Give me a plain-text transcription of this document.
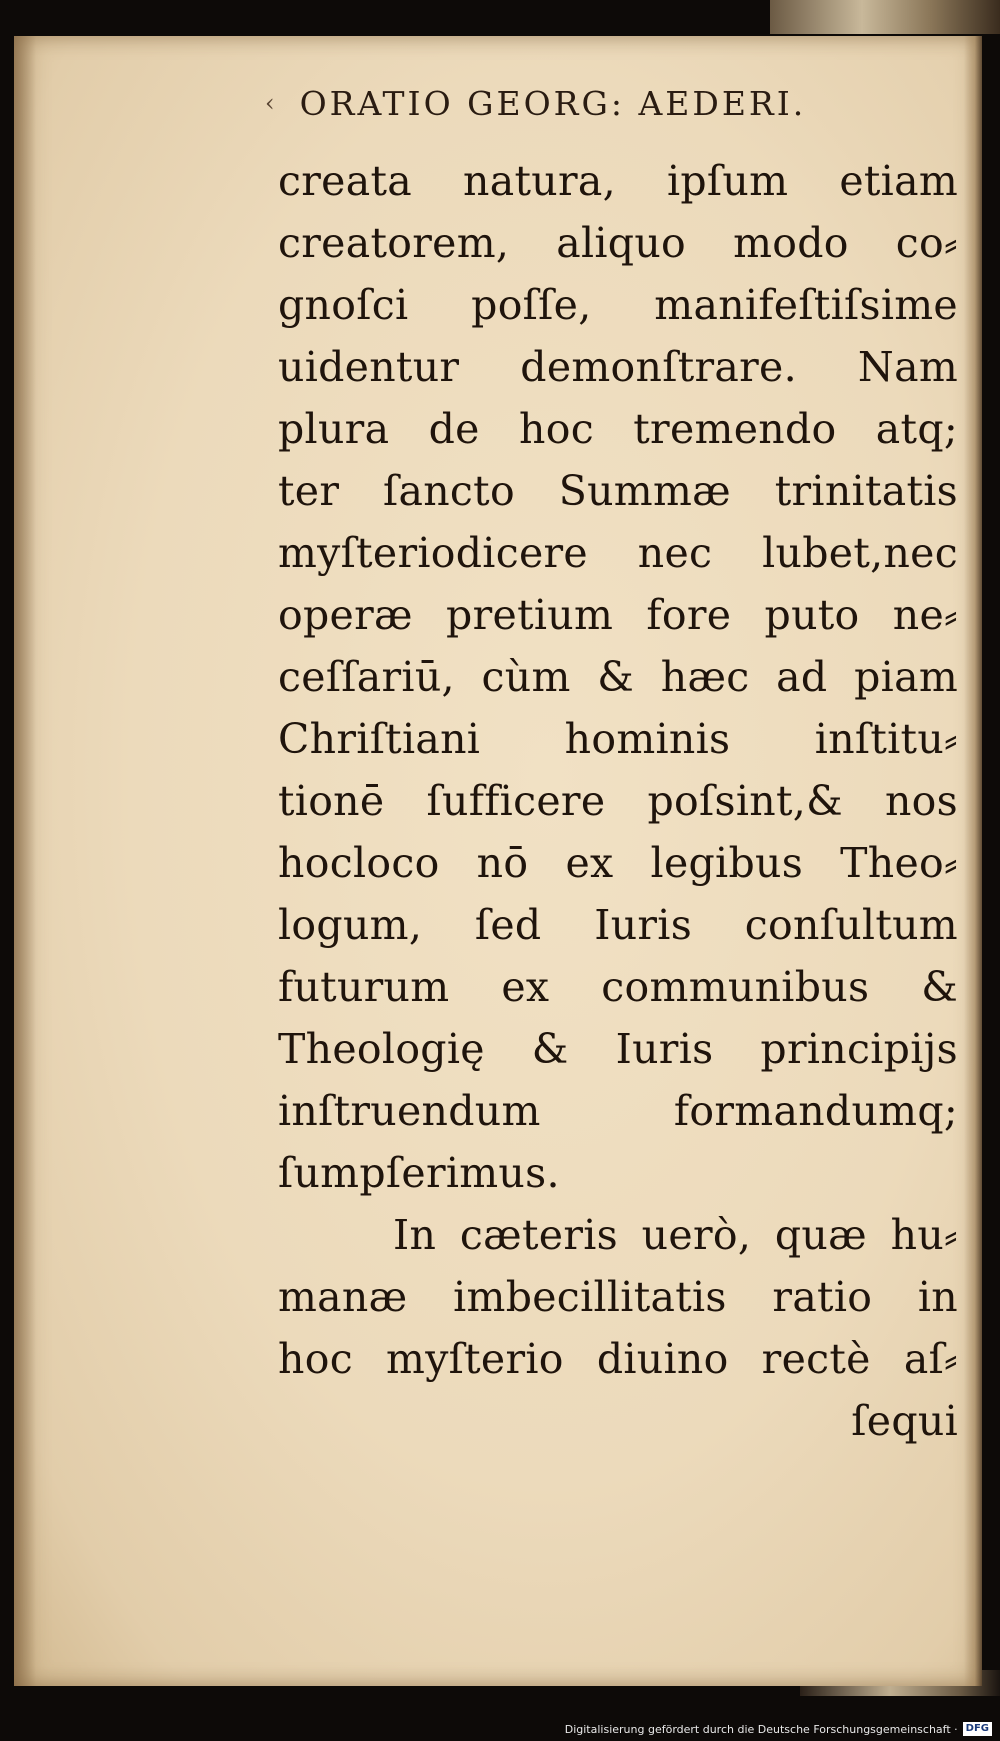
‹ ORATIO GEORG: AEDERI.
creata natura, ipſum etiam
creatorem, aliquo modo co⸗
gnoſci poſſe, manifeſtiſsime
uidentur demonſtrare. Nam
plura de hoc tremendo atq;
ter ſancto Summæ trinitatis
myſteriodicere nec lubet,nec
operæ pretium fore puto ne⸗
ceſſariū, cùm & hæc ad piam
Chriſtiani hominis inſtitu⸗
tionē ſufficere poſsint,& nos
hocloco nō ex legibus Theo⸗
logum, ſed Iuris conſultum
futurum ex communibus &
Theologię & Iuris principijs
inſtruendum formandumq;
ſumpſerimus.
In cæteris uerò, quæ hu⸗
manæ imbecillitatis ratio in
hoc myſterio diuino rectè aſ⸗
ſequi
Digitalisierung gefördert durch die Deutsche Forschungsgemeinschaft · DFG
